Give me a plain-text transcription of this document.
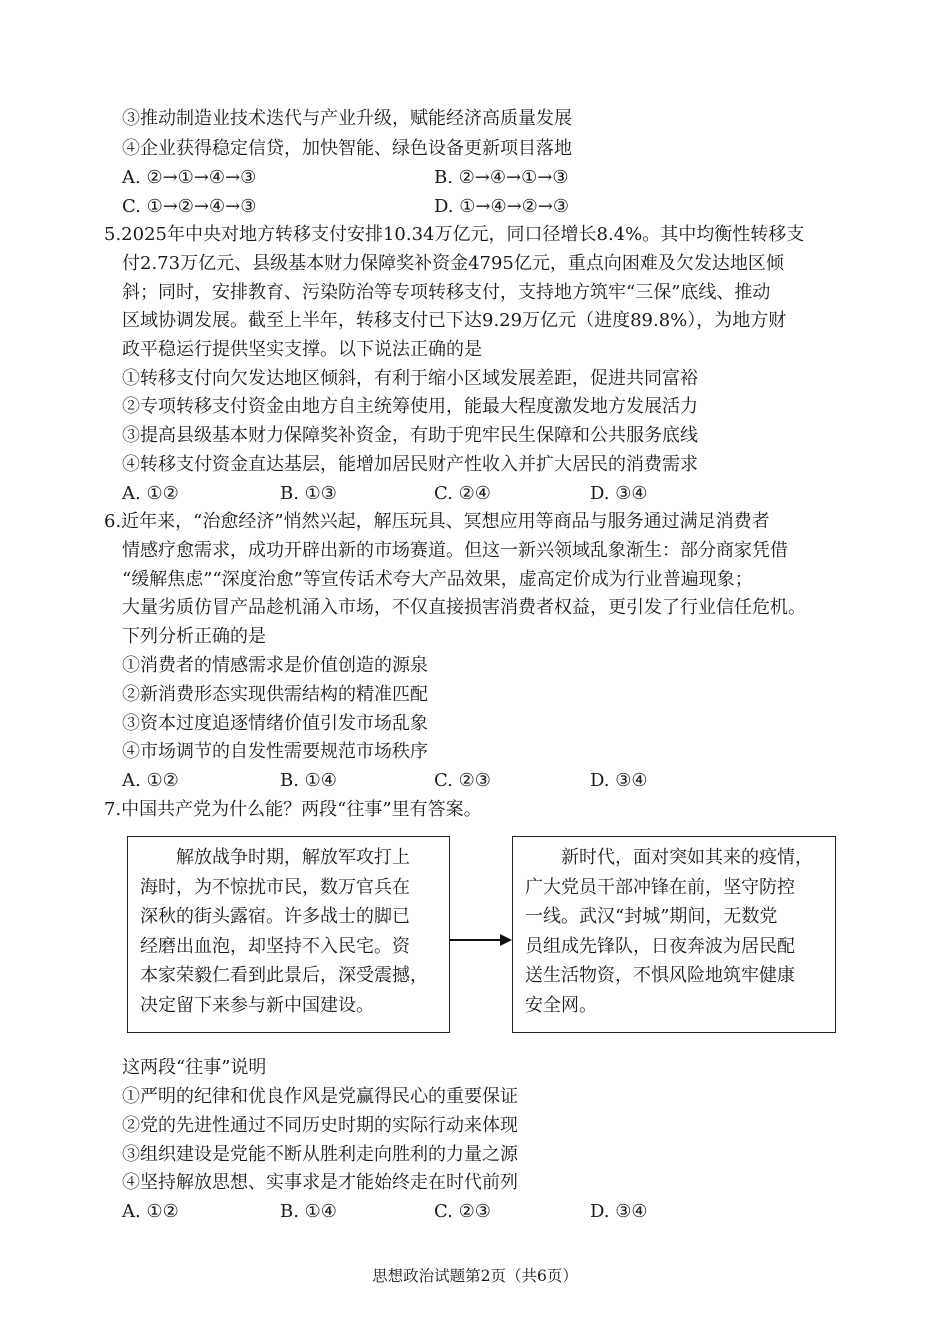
③推动制造业技术迭代与产业升级，赋能经济高质量发展
④企业获得稳定信贷，加快智能、绿色设备更新项目落地
A. ②→①→④→③	B. ②→④→①→③
C. ①→②→④→③	D. ①→④→②→③
5.2025年中央对地方转移支付安排10.34万亿元，同口径增长8.4%。其中均衡性转移支
付2.73万亿元、县级基本财力保障奖补资金4795亿元，重点向困难及欠发达地区倾
斜；同时，安排教育、污染防治等专项转移支付，支持地方筑牢“三保”底线、推动
区域协调发展。截至上半年，转移支付已下达9.29万亿元（进度89.8%），为地方财
政平稳运行提供坚实支撑。以下说法正确的是
①转移支付向欠发达地区倾斜，有利于缩小区域发展差距，促进共同富裕
②专项转移支付资金由地方自主统筹使用，能最大程度激发地方发展活力
③提高县级基本财力保障奖补资金，有助于兜牢民生保障和公共服务底线
④转移支付资金直达基层，能增加居民财产性收入并扩大居民的消费需求
A. ①②	B. ①③	C. ②④	D. ③④
6.近年来，“治愈经济”悄然兴起，解压玩具、冥想应用等商品与服务通过满足消费者
情感疗愈需求，成功开辟出新的市场赛道。但这一新兴领域乱象渐生：部分商家凭借
“缓解焦虑”“深度治愈”等宣传话术夸大产品效果，虚高定价成为行业普遍现象；
大量劣质仿冒产品趁机涌入市场，不仅直接损害消费者权益，更引发了行业信任危机。
下列分析正确的是
①消费者的情感需求是价值创造的源泉
②新消费形态实现供需结构的精准匹配
③资本过度追逐情绪价值引发市场乱象
④市场调节的自发性需要规范市场秩序
A. ①②	B. ①④	C. ②③	D. ③④
7.中国共产党为什么能？两段“往事”里有答案。

　　解放战争时期，解放军攻打上

海时，为不惊扰市民，数万官兵在

深秋的街头露宿。许多战士的脚已

经磨出血泡，却坚持不入民宅。资

本家荣毅仁看到此景后，深受震撼，

决定留下来参与新中国建设。

　　新时代，面对突如其来的疫情，

广大党员干部冲锋在前，坚守防控

一线。武汉“封城”期间，无数党

员组成先锋队，日夜奔波为居民配

送生活物资，不惧风险地筑牢健康

安全网。

这两段“往事”说明
①严明的纪律和优良作风是党赢得民心的重要保证
②党的先进性通过不同历史时期的实际行动来体现
③组织建设是党能不断从胜利走向胜利的力量之源
④坚持解放思想、实事求是才能始终走在时代前列
A. ①②	B. ①④	C. ②③	D. ③④
思想政治试题第2页（共6页）
